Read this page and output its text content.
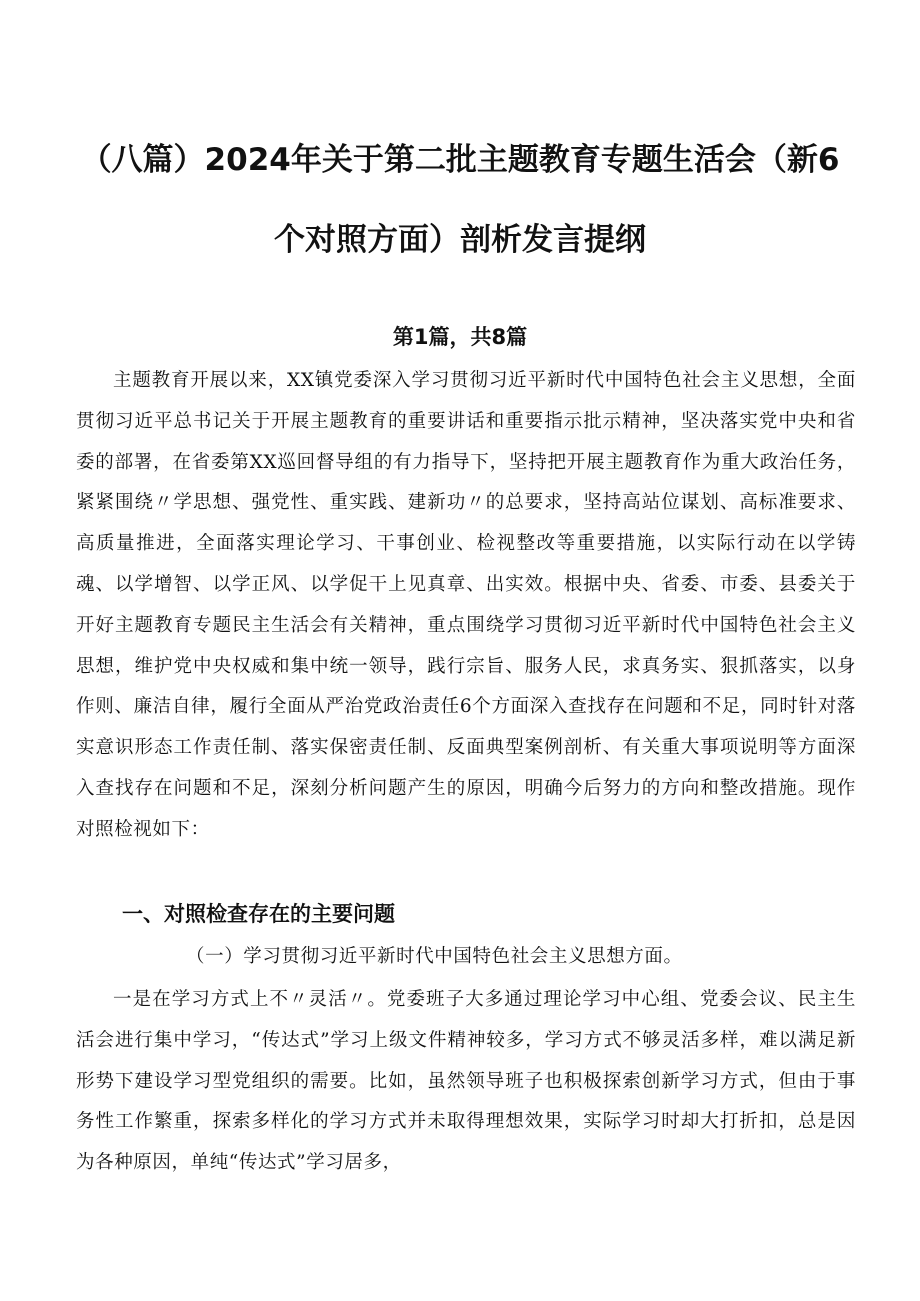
（八篇）2024年关于第二批主题教育专题生活会（新6
个对照方面）剖析发言提纲
第1篇，共8篇

主题教育开展以来，XX镇党委深入学习贯彻习近平新时代中国特色社会主义思想，全面贯彻习近平总书记关于开展主题教育的重要讲话和重要指示批示精神，坚决落实党中央和省委的部署，在省委第XX巡回督导组的有力指导下，坚持把开展主题教育作为重大政治任务，紧紧围绕〃学思想、强党性、重实践、建新功〃的总要求，坚持高站位谋划、高标准要求、高质量推进，全面落实理论学习、干事创业、检视整改等重要措施，以实际行动在以学铸魂、以学增智、以学正风、以学促干上见真章、出实效。根据中央、省委、市委、县委关于开好主题教育专题民主生活会有关精神，重点围绕学习贯彻习近平新时代中国特色社会主义思想，维护党中央权威和集中统一领导，践行宗旨、服务人民，求真务实、狠抓落实，以身作则、廉洁自律，履行全面从严治党政治责任6个方面深入查找存在问题和不足，同时针对落实意识形态工作责任制、落实保密责任制、反面典型案例剖析、有关重大事项说明等方面深入查找存在问题和不足，深刻分析问题产生的原因，明确今后努力的方向和整改措施。现作对照检视如下：

一、对照检查存在的主要问题
（一）学习贯彻习近平新时代中国特色社会主义思想方面。

一是在学习方式上不〃灵活〃。党委班子大多通过理论学习中心组、党委会议、民主生活会进行集中学习，“传达式”学习上级文件精神较多，学习方式不够灵活多样，难以满足新形势下建设学习型党组织的需要。比如，虽然领导班子也积极探索创新学习方式，但由于事务性工作繁重，探索多样化的学习方式并未取得理想效果，实际学习时却大打折扣，总是因为各种原因，单纯“传达式”学习居多，
